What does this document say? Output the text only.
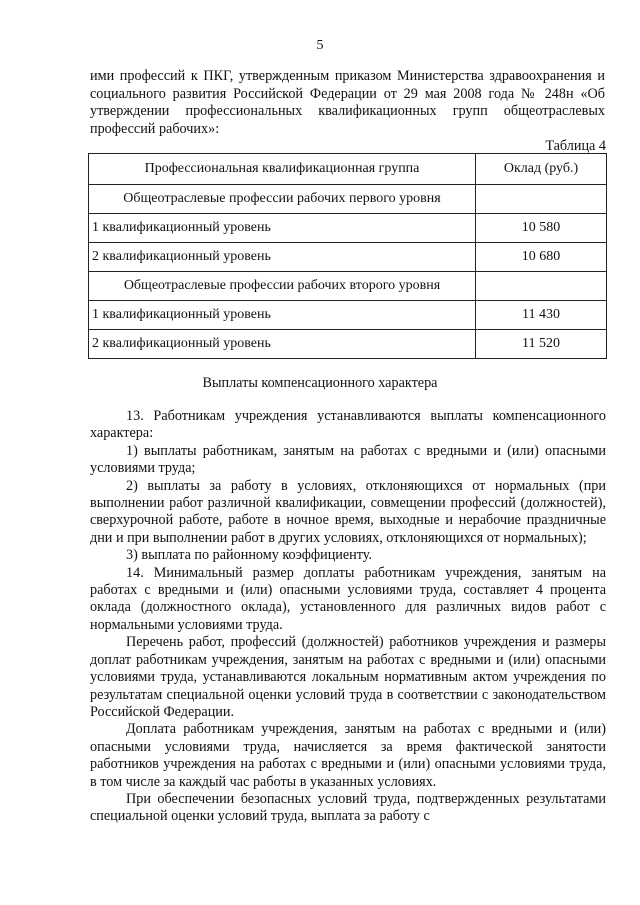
5
ими профессий к ПКГ, утвержденным приказом Министерства здравоохранения и социального развития Российской Федерации от 29 мая 2008 года № 248н «Об утверждении профессиональных квалификационных групп общеотраслевых профессий рабочих»:
Таблица 4
Профессиональная квалификационная группа	Оклад (руб.)
Общеотраслевые профессии рабочих первого уровня	
1 квалификационный уровень	10 580
2 квалификационный уровень	10 680
Общеотраслевые профессии рабочих второго уровня	
1 квалификационный уровень	11 430
2 квалификационный уровень	11 520
Выплаты компенсационного характера

13. Работникам учреждения устанавливаются выплаты компенсационного характера:

1) выплаты работникам, занятым на работах с вредными и (или) опасными условиями труда;

2) выплаты за работу в условиях, отклоняющихся от нормальных (при выполнении работ различной квалификации, совмещении профессий (должностей), сверхурочной работе, работе в ночное время, выходные и нерабочие праздничные дни и при выполнении работ в других условиях, отклоняющихся от нормальных);

3) выплата по районному коэффициенту.

14. Минимальный размер доплаты работникам учреждения, занятым на работах с вредными и (или) опасными условиями труда, составляет 4 процента оклада (должностного оклада), установленного для различных видов работ с нормальными условиями труда.

Перечень работ, профессий (должностей) работников учреждения и размеры доплат работникам учреждения, занятым на работах с вредными и (или) опасными условиями труда, устанавливаются локальным нормативным актом учреждения по результатам специальной оценки условий труда в соответствии с законодательством Российской Федерации.

Доплата работникам учреждения, занятым на работах с вредными и (или) опасными условиями труда, начисляется за время фактической занятости работников учреждения на работах с вредными и (или) опасными условиями труда, в том числе за каждый час работы в указанных условиях.

При обеспечении безопасных условий труда, подтвержденных результатами специальной оценки условий труда, выплата за работу с
